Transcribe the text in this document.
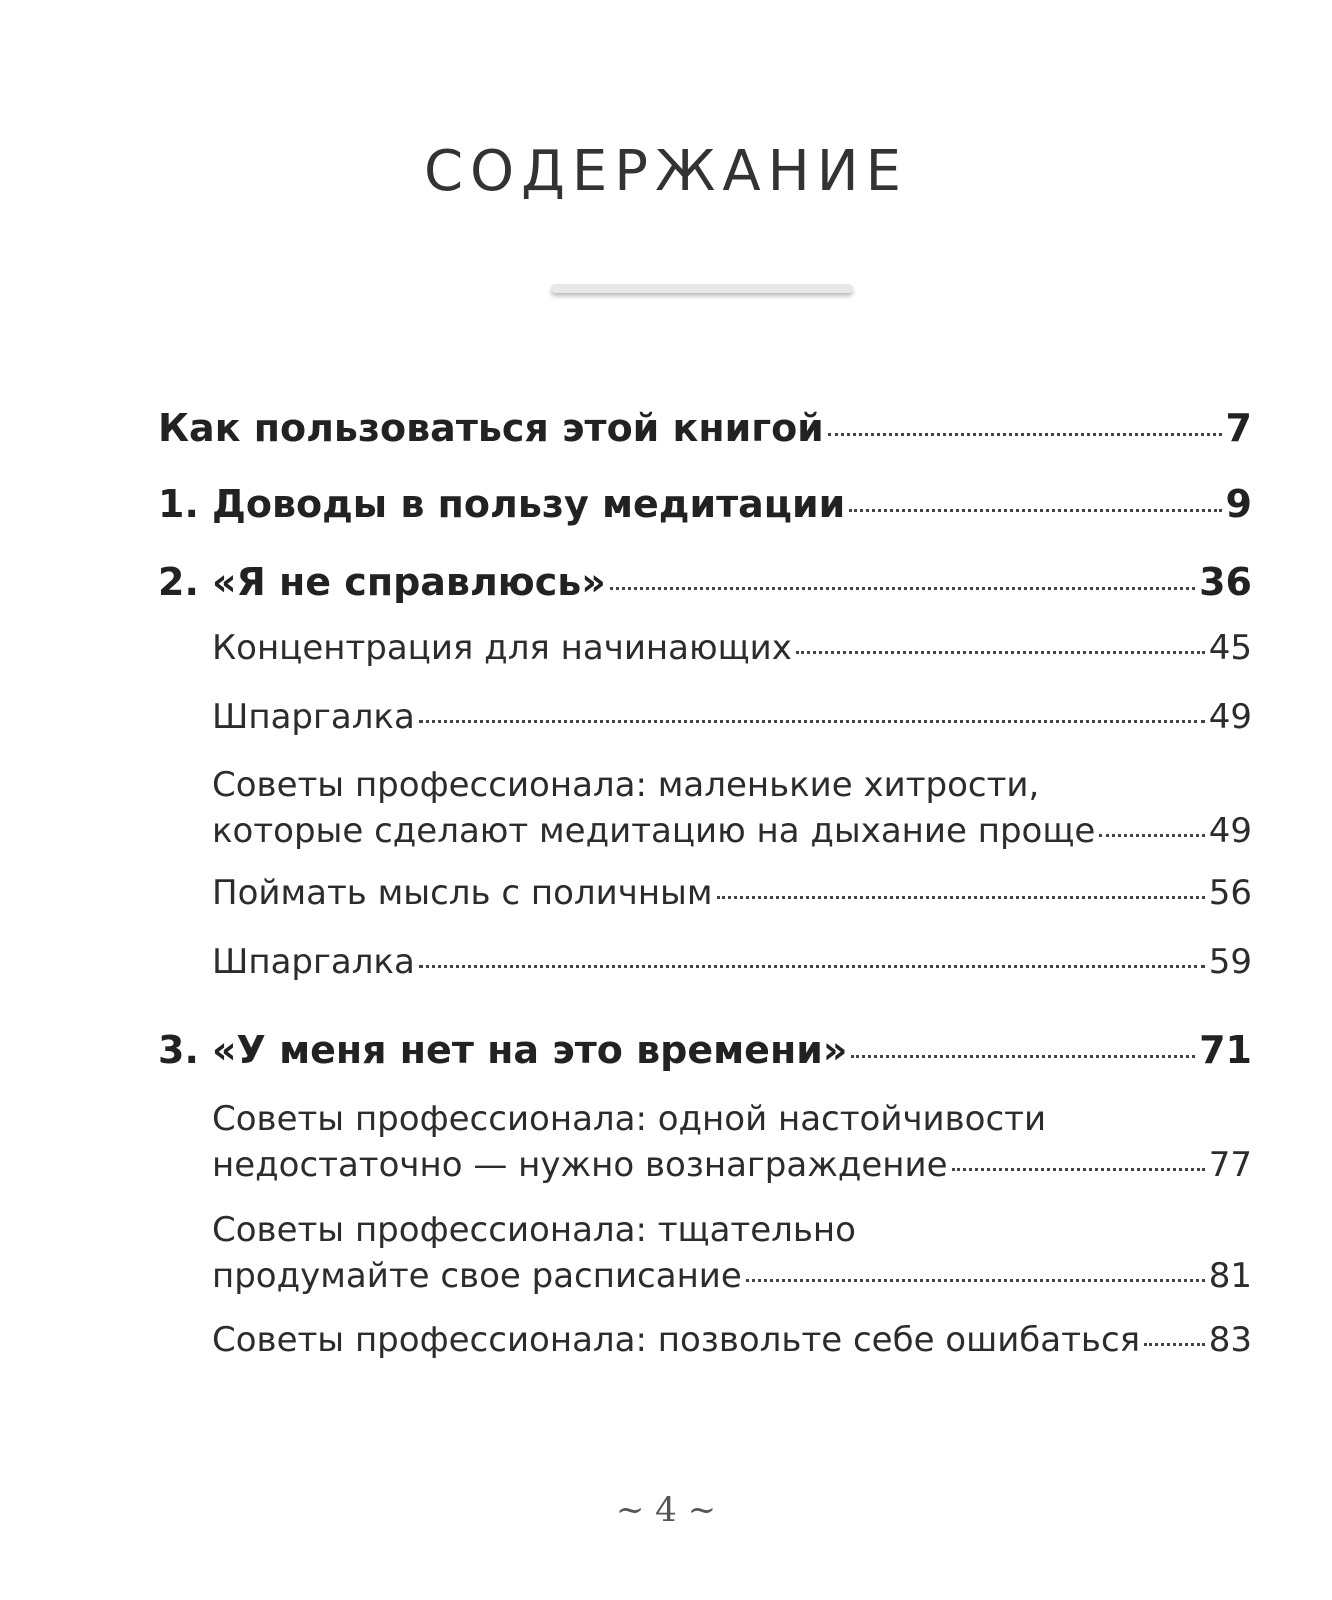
СОДЕРЖАНИЕ
Как пользоваться этой книгой	7
1. Доводы в пользу медитации	9
2. «Я не справлюсь»	36
Концентрация для начинающих	45
Шпаргалка	49
Советы профессионала: маленькие хитрости,
которые сделают медитацию на дыхание проще	49
Поймать мысль с поличным	56
Шпаргалка	59
3. «У меня нет на это времени»	71
Советы профессионала: одной настойчивости
недостаточно — нужно вознаграждение	77
Советы профессионала: тщательно
продумайте свое расписание	81
Советы профессионала: позвольте себе ошибаться 83
~ 4 ~
